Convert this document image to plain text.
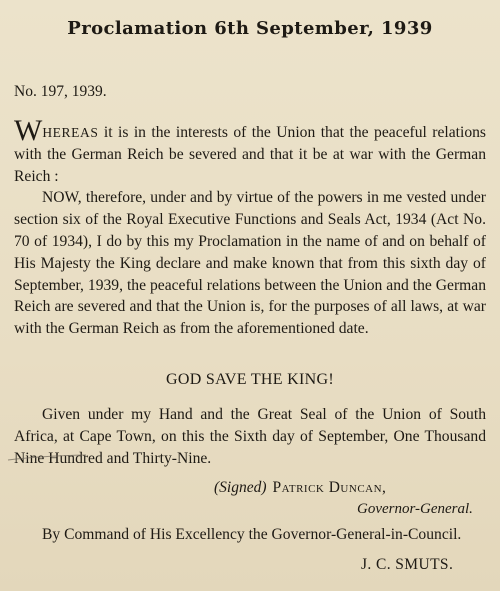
Proclamation 6th September, 1939
No. 197, 1939.

WHEREAS it is in the interests of the Union that the peaceful relations with the German Reich be severed and that it be at war with the German Reich :

NOW, therefore, under and by virtue of the powers in me vested under section six of the Royal Executive Functions and Seals Act, 1934 (Act No. 70 of 1934), I do by this my Proclamation in the name of and on behalf of His Majesty the King declare and make known that from this sixth day of September, 1939, the peaceful relations between the Union and the German Reich are severed and that the Union is, for the purposes of all laws, at war with the German Reich as from the aforementioned date.

GOD SAVE THE KING!
Given under my Hand and the Great Seal of the Union of South Africa, at Cape Town, on this the Sixth day of September, One Thousand Nine Hundred and Thirty-Nine.
(Signed) Patrick Duncan,
Governor-General.
By Command of His Excellency the Governor-General-in-Council.
J. C. SMUTS.
